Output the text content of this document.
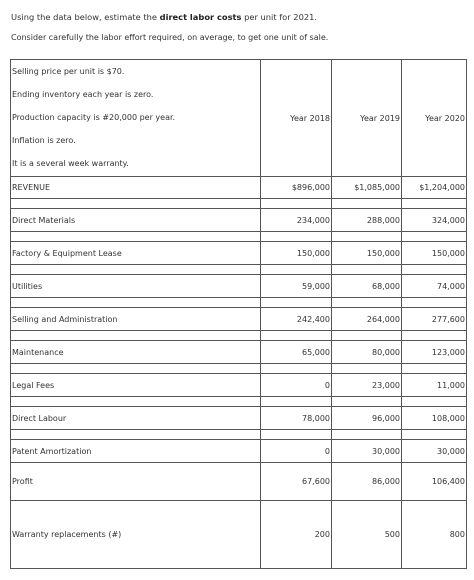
Using the data below, estimate the direct labor costs per unit for 2021.
Consider carefully the labor effort required, on average, to get one unit of sale.
Selling price per unit is $70.
Ending inventory each year is zero.
Production capacity is #20,000 per year.
Inflation is zero.
It is a several week warranty.	Year 2018	Year 2019	Year 2020
REVENUE	$896,000	$1,085,000	$1,204,000

Direct Materials	234,000	288,000	324,000

Factory & Equipment Lease	150,000	150,000	150,000

Utilities	59,000	68,000	74,000

Selling and Administration	242,400	264,000	277,600

Maintenance	65,000	80,000	123,000

Legal Fees	0	23,000	11,000

Direct Labour	78,000	96,000	108,000

Patent Amortization	0	30,000	30,000
Profit	67,600	86,000	106,400
Warranty replacements (#)	200	500	800
